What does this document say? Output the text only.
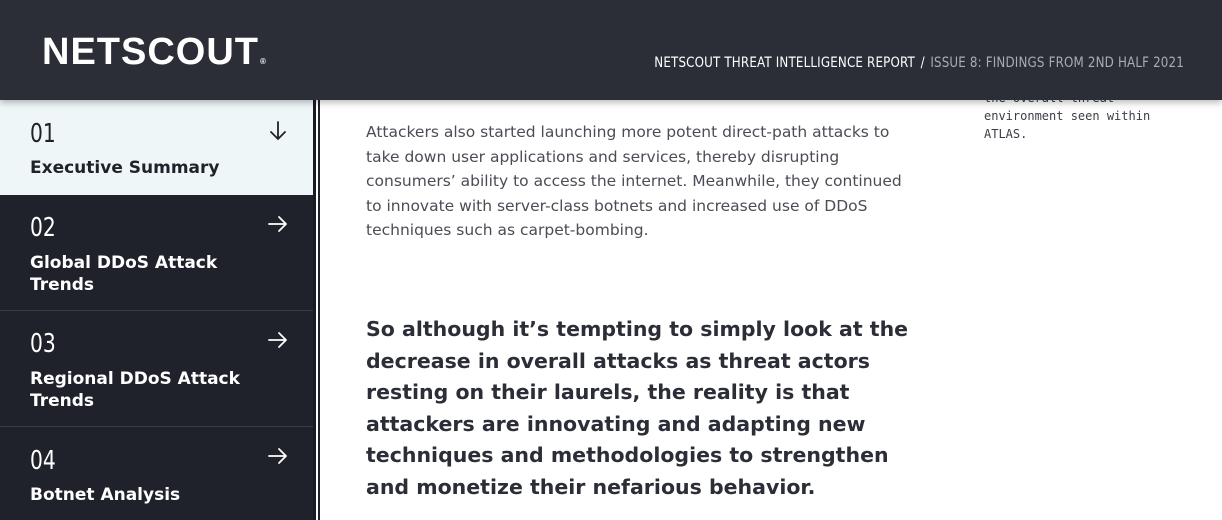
NETSCOUT®	NETSCOUT THREAT INTELLIGENCE REPORT / ISSUE 8: FINDINGS FROM 2ND HALF 2021
01
Executive Summary
02
Global DDoS Attack Trends
03
Regional DDoS Attack Trends
04
Botnet Analysis
environment seen within ATLAS.

Attackers also started launching more potent direct-path attacks to take down user applications and services, thereby disrupting consumers’ ability to access the internet. Meanwhile, they continued to innovate with server-class botnets and increased use of DDoS techniques such as carpet-bombing.

So although it’s tempting to simply look at the decrease in overall attacks as threat actors resting on their laurels, the reality is that attackers are innovating and adapting new techniques and methodologies to strengthen and monetize their nefarious behavior.
